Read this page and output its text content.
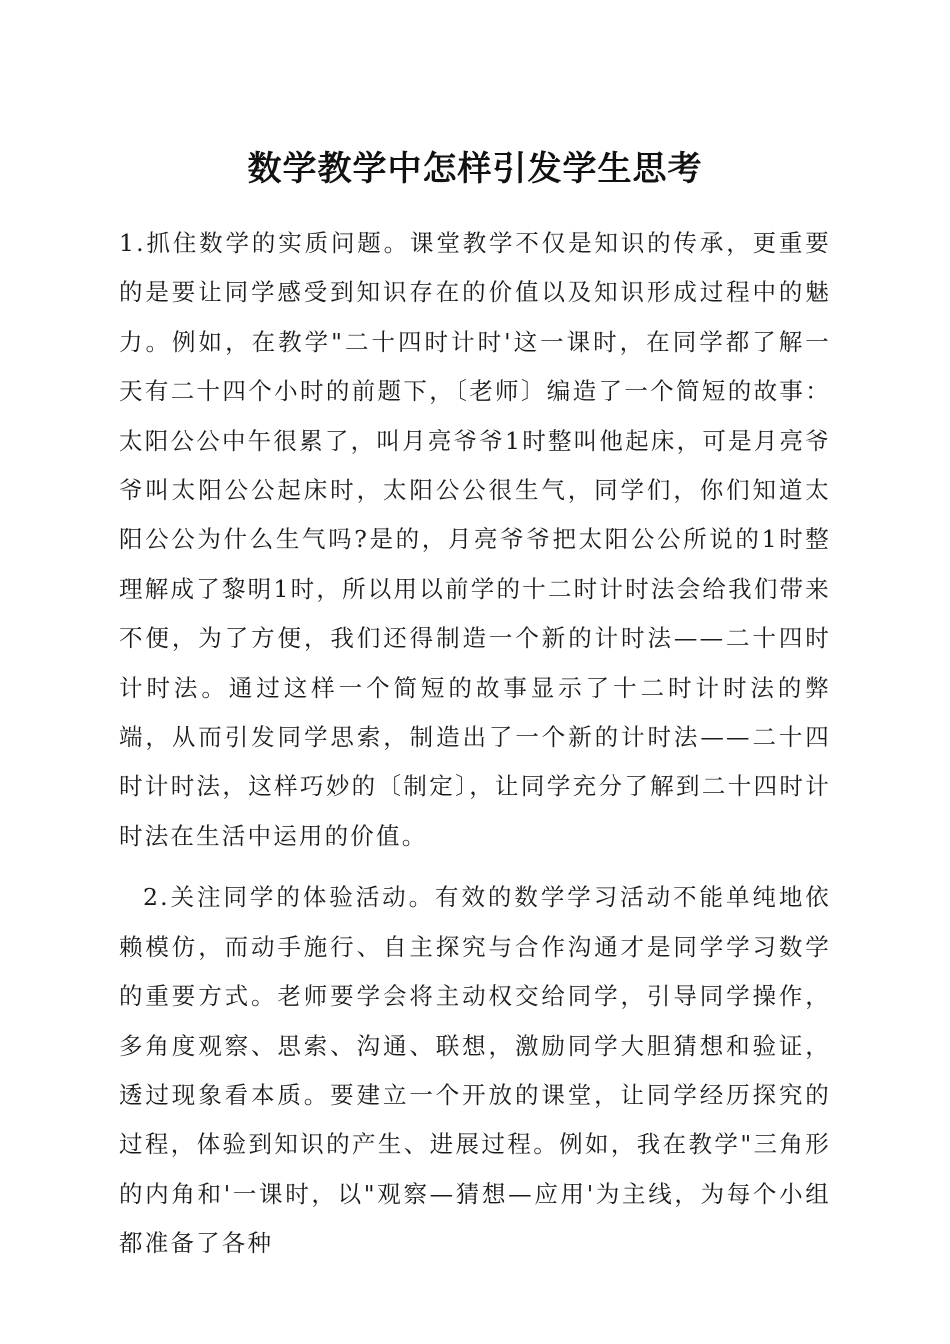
数学教学中怎样引发学生思考

1.抓住数学的实质问题。课堂教学不仅是知识的传承，更重要的是要让同学感受到知识存在的价值以及知识形成过程中的魅力。例如，在教学"二十四时计时'这一课时，在同学都了解一天有二十四个小时的前题下，〔老师〕编造了一个简短的故事：太阳公公中午很累了，叫月亮爷爷1时整叫他起床，可是月亮爷爷叫太阳公公起床时，太阳公公很生气，同学们，你们知道太阳公公为什么生气吗?是的，月亮爷爷把太阳公公所说的1时整理解成了黎明1时，所以用以前学的十二时计时法会给我们带来不便，为了方便，我们还得制造一个新的计时法——二十四时计时法。通过这样一个简短的故事显示了十二时计时法的弊端，从而引发同学思索，制造出了一个新的计时法——二十四时计时法，这样巧妙的〔制定〕，让同学充分了解到二十四时计时法在生活中运用的价值。

2.关注同学的体验活动。有效的数学学习活动不能单纯地依赖模仿，而动手施行、自主探究与合作沟通才是同学学习数学的重要方式。老师要学会将主动权交给同学，引导同学操作，多角度观察、思索、沟通、联想，激励同学大胆猜想和验证，透过现象看本质。要建立一个开放的课堂，让同学经历探究的过程，体验到知识的产生、进展过程。例如，我在教学"三角形的内角和'一课时，以"观察—猜想—应用'为主线，为每个小组都准备了各种
